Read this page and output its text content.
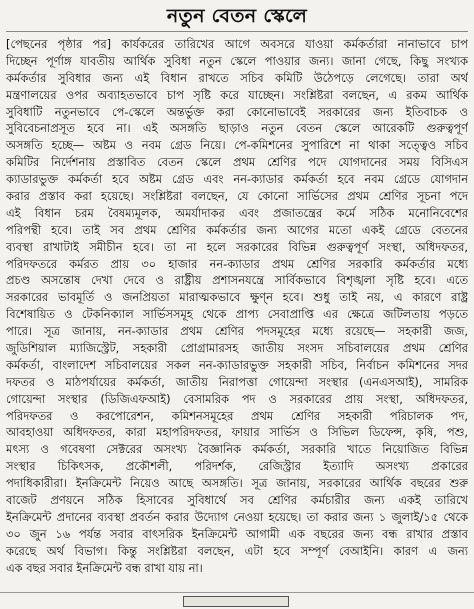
নতুন বেতন স্কেলে
[পেছনের পৃষ্ঠার পর] কার্যকরের তারিখের আগে অবসরে যাওয়া কর্মকর্তারা নানাভাবে চাপ
দিচ্ছেন পূর্ণাঙ্গ যাবতীয় আর্থিক সুবিধা নতুন স্কেলে পাওয়ার জন্য। জানা গেছে, কিছু সংখ্যক
কর্মকর্তার সুবিধার জন্য এই বিধান রাখতে সচিব কমিটি উঠেপড়ে লেগেছে। তারা অর্থ
মন্ত্রণালয়ের ওপর অব্যাহতভাবে চাপ সৃষ্টি করে যাচ্ছেন। সংশ্লিষ্টরা বলছেন, এ রকম আর্থিক
সুবিধাটি নতুনভাবে পে-স্কেলে অন্তর্ভুক্ত করা কোনোভাবেই সরকারের জন্য ইতিবাচক ও
সুবিবেচনাপ্রসূত হবে না। এই অসঙ্গতি ছাড়াও নতুন বেতন স্কেলে আরেকটি গুরুত্বপূর্ণ
অসঙ্গতি হচ্ছে— অষ্টম ও নবম গ্রেড নিয়ে। পে-কমিশনের সুপারিশে না থাকা সত্ত্বেও সচিব
কমিটির নির্দেশনায় প্রস্তাবিত বেতন স্কেলে প্রথম শ্রেণির পদে যোগদানের সময় বিসিএস
ক্যাডারভুক্ত কর্মকর্তা হবে অষ্টম গ্রেড এবং নন-ক্যাডার কর্মকর্তা হবে নবম গ্রেডে যোগদান
করার প্রস্তাব করা হয়েছে। সংশ্লিষ্টরা বলছেন, যে কোনো সার্ভিসের প্রথম শ্রেণির সূচনা পদে
এই বিধান চরম বৈষম্যমূলক, অমর্যাদাকর এবং প্রজাতন্ত্রের কর্মে সঠিক মনোনিবেশের
পরিপন্থী হবে। তাই সব প্রথম শ্রেণির কর্মকর্তার জন্য আগের মতো একই গ্রেডে বেতনের
ব্যবস্থা রাখাটাই সমীচীন হবে। তা না হলে সরকারের বিভিন্ন গুরুত্বপূর্ণ সংস্থা, অধিদফতর,
পরিদফতরে কর্মরত প্রায় ৩০ হাজার নন-ক্যাডার প্রথম শ্রেণির সরকারি কর্মকর্তার মধ্যে
প্রচণ্ড অসন্তোষ দেখা দেবে ও রাষ্ট্রীয় প্রশাসনযন্ত্রে সার্বিকভাবে বিশৃঙ্খলা সৃষ্টি হবে। এতে
সরকারের ভাবমূর্তি ও জনপ্রিয়তা মারাত্মকভাবে ক্ষুণ্ন হবে। শুধু তাই নয়, এ কারণে রাষ্ট্র
বিশেষায়িত ও টেকনিক্যাল সার্ভিসসমূহ থেকে প্রাপ্য সেবাপ্রাপ্তি এর ক্ষেত্রে জটিলতায় পড়তে
পারে। সূত্র জানায়, নন-ক্যাডার প্রথম শ্রেণির পদসমূহের মধ্যে রয়েছে— সহকারী জজ,
জুডিশিয়াল ম্যাজিস্ট্রেট, সহকারী প্রোগ্রামারসহ জাতীয় সংসদ সচিবালয়ের প্রথম শ্রেণির
কর্মকর্তা, বাংলাদেশ সচিবালয়ের সকল নন-ক্যাডারভুক্ত সহকারী সচিব, নির্বাচন কমিশনের সদর
দফতর ও মাঠপর্যায়ের কর্মকর্তা, জাতীয় নিরাপত্তা গোয়েন্দা সংস্থার (এনএসআই), সামরিক
গোয়েন্দা সংস্থার (ডিজিএফআই) বেসামরিক পদ ও সরকারের প্রায় সংস্থা, অধিদফতর,
পরিদফতর ও করপোরেশন, কমিশনসমূহের প্রথম শ্রেণির সহকারী পরিচালক পদ,
আবহাওয়া অধিদফতর, কারা মহাপরিদফতর, ফায়ার সার্ভিস ও সিভিল ডিফেন্স, কৃষি, পশু,
মৎস্য ও গবেষণা সেক্টরের অসংখ্য বৈজ্ঞানিক কর্মকর্তা, সরকারি খাতে নিয়োজিত বিভিন্ন
সংস্থার চিকিৎসক, প্রকৌশলী, পরিদর্শক, রেজিস্ট্রার ইত্যাদি অসংখ্য প্রকারের
পদাধিকারীরা। ইনক্রিমেন্ট নিয়েও আছে অসঙ্গতি। সূত্র জানায়, সরকারের আর্থিক বছরের শুরু
বাজেট প্রণয়নে সঠিক হিসাবের সুবিধার্থে সব শ্রেণির কর্মচারীর জন্য একই তারিখে
ইনক্রিমেন্ট প্রদানের ব্যবস্থা প্রবর্তন করার উদ্যোগ নেওয়া হয়েছে। তা করার জন্য ১ জুলাই/১৫ থেকে
৩০ জুন ১৬ পর্যন্ত সবার বাৎসরিক ইনক্রিমেন্ট আগামী এক বছরের জন্য বন্ধ রাখার প্রস্তাব
করেছে অর্থ বিভাগ। কিন্তু সংশ্লিষ্টরা বলছেন, এটা হবে সম্পূর্ণ বেআইনি। কারণ এ জন্য
এক বছর সবার ইনক্রিমেন্ট বন্ধ রাখা যায় না।
